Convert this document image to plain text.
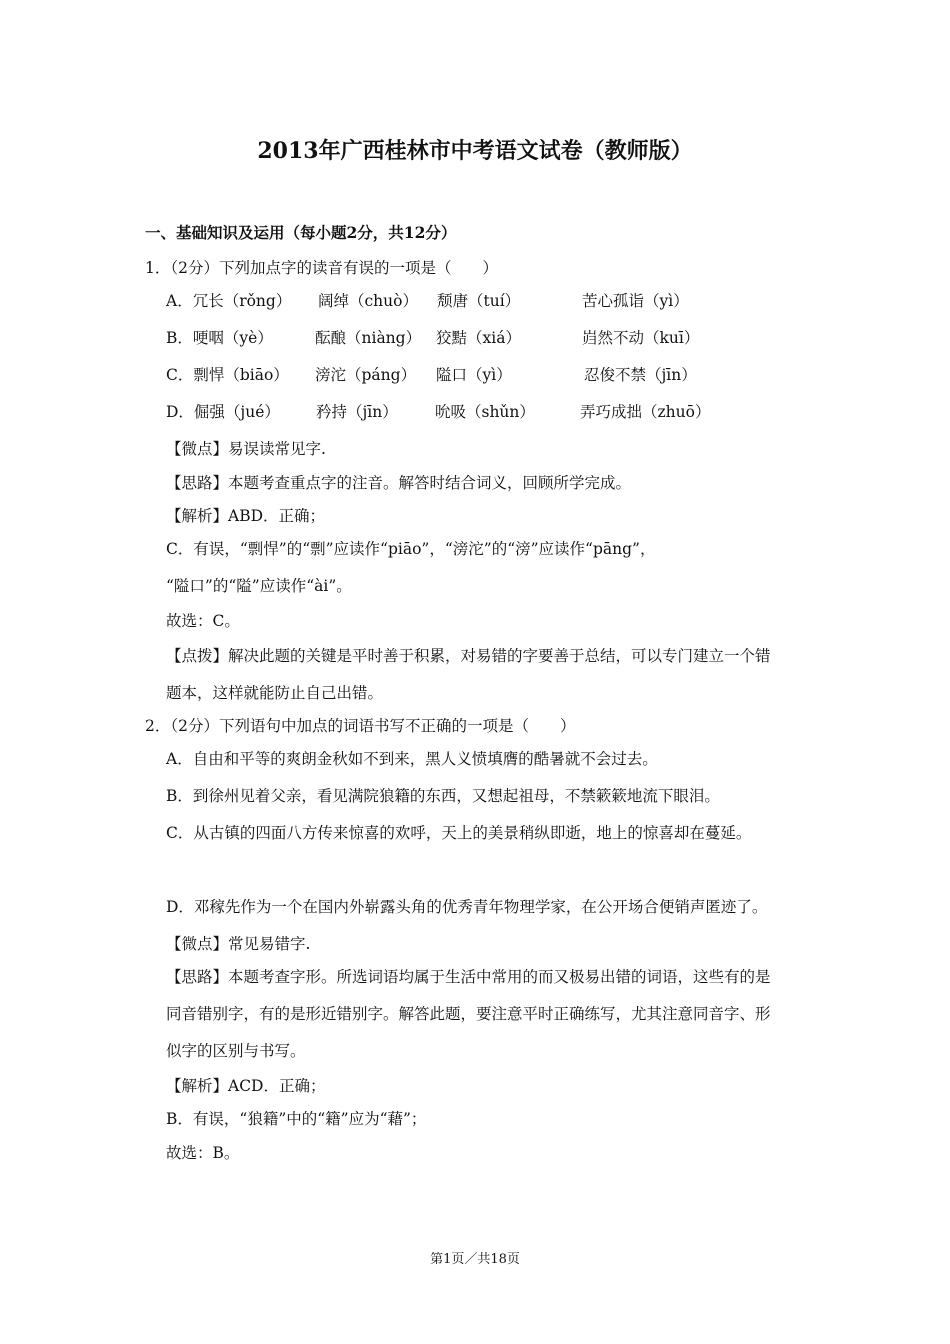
2013年广西桂林市中考语文试卷（教师版）
一、基础知识及运用（每小题2分，共12分）
1．（2分）下列加点字的读音有误的一项是（　　）
A．冗长（rǒng） 阔绰（chuò） 颓唐（tuí）	苦心孤诣（yì）
B．哽咽（yè）	酝酿（niàng） 狡黠（xiá）	岿然不动（kuī）
C．剽悍（biāo） 滂沱（páng） 隘口（yì）	忍俊不禁（jīn）
D．倔强（jué） 矜持（jīn） 吮吸（shǔn）	弄巧成拙（zhuō）
【微点】易误读常见字.
【思路】本题考查重点字的注音。解答时结合词义，回顾所学完成。
【解析】ABD．正确；
C．有误，“剽悍”的“剽”应读作“piāo”，“滂沱”的“滂”应读作“pāng”，
“隘口”的“隘”应读作“ài”。
故选：C。
【点拨】解决此题的关键是平时善于积累，对易错的字要善于总结，可以专门建立一个错
题本，这样就能防止自己出错。
2．（2分）下列语句中加点的词语书写不正确的一项是（　　）
A．自由和平等的爽朗金秋如不到来，黑人义愤填膺的酷暑就不会过去。
B．到徐州见着父亲，看见满院狼籍的东西，又想起祖母，不禁簌簌地流下眼泪。
C．从古镇的四面八方传来惊喜的欢呼，天上的美景稍纵即逝，地上的惊喜却在蔓延。
D．邓稼先作为一个在国内外崭露头角的优秀青年物理学家，在公开场合便销声匿迹了。
【微点】常见易错字.
【思路】本题考查字形。所选词语均属于生活中常用的而又极易出错的词语，这些有的是
同音错别字，有的是形近错别字。解答此题，要注意平时正确练写，尤其注意同音字、形
似字的区别与书写。
【解析】ACD．正确；
B．有误，“狼籍”中的“籍”应为“藉”；
故选：B。
第1页／共18页
